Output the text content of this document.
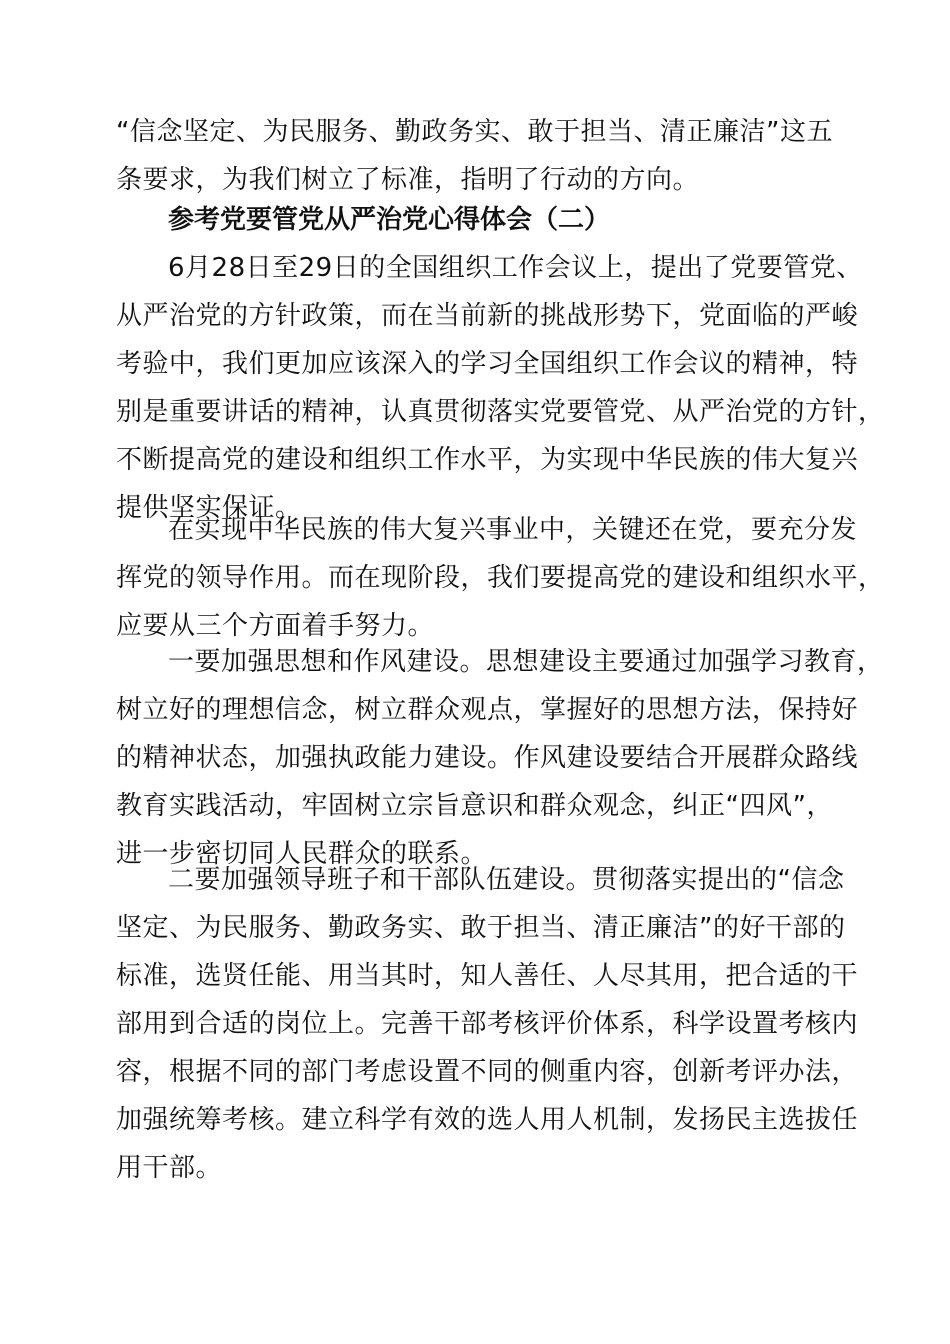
“信念坚定、为民服务、勤政务实、敢于担当、清正廉洁”这五
条要求，为我们树立了标准，指明了行动的方向。
参考党要管党从严治党心得体会（二）
6月28日至29日的全国组织工作会议上，提出了党要管党、
从严治党的方针政策，而在当前新的挑战形势下，党面临的严峻
考验中，我们更加应该深入的学习全国组织工作会议的精神，特
别是重要讲话的精神，认真贯彻落实党要管党、从严治党的方针，
不断提高党的建设和组织工作水平，为实现中华民族的伟大复兴
提供坚实保证。
在实现中华民族的伟大复兴事业中，关键还在党，要充分发
挥党的领导作用。而在现阶段，我们要提高党的建设和组织水平，
应要从三个方面着手努力。
一要加强思想和作风建设。思想建设主要通过加强学习教育，
树立好的理想信念，树立群众观点，掌握好的思想方法，保持好
的精神状态，加强执政能力建设。作风建设要结合开展群众路线
教育实践活动，牢固树立宗旨意识和群众观念，纠正“四风”，
进一步密切同人民群众的联系。
二要加强领导班子和干部队伍建设。贯彻落实提出的“信念
坚定、为民服务、勤政务实、敢于担当、清正廉洁”的好干部的
标准，选贤任能、用当其时，知人善任、人尽其用，把合适的干
部用到合适的岗位上。完善干部考核评价体系，科学设置考核内
容，根据不同的部门考虑设置不同的侧重内容，创新考评办法，
加强统筹考核。建立科学有效的选人用人机制，发扬民主选拔任
用干部。
